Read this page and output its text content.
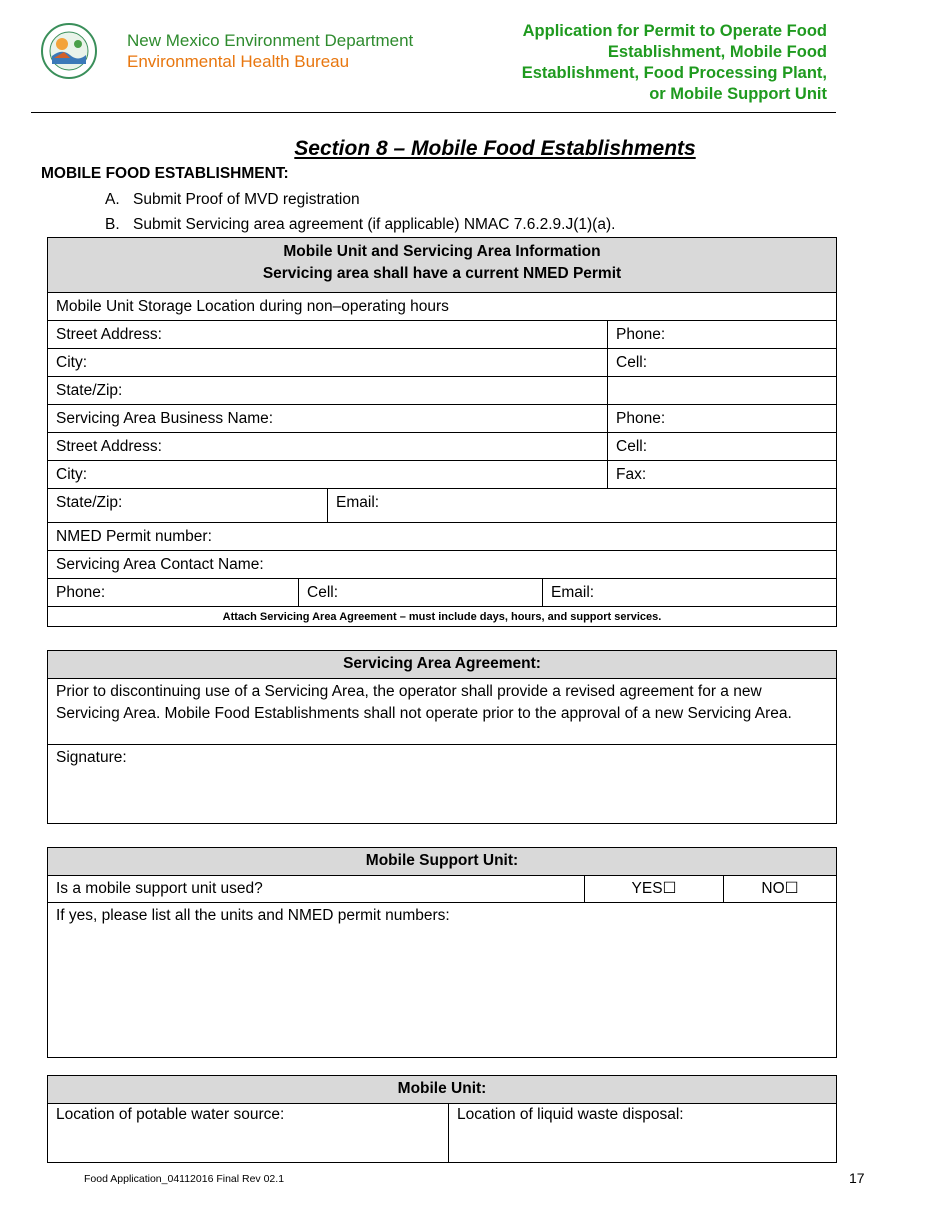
New Mexico Environment Department
Environmental Health Bureau
Application for Permit to Operate Food
Establishment, Mobile Food
Establishment, Food Processing Plant,
or Mobile Support Unit
Section 8 – Mobile Food Establishments
MOBILE FOOD ESTABLISHMENT:
A. Submit Proof of MVD registration
B. Submit Servicing area agreement (if applicable) NMAC 7.6.2.9.J(1)(a).
Mobile Unit and Servicing Area Information
Servicing area shall have a current NMED Permit
Mobile Unit Storage Location during non–operating hours
Street Address:	Phone:
City:	Cell:
State/Zip:
Servicing Area Business Name:	Phone:
Street Address:	Cell:
City:	Fax:
State/Zip:	Email:
NMED Permit number:
Servicing Area Contact Name:
Phone:	Cell:	Email:
Attach Servicing Area Agreement – must include days, hours, and support services.
Servicing Area Agreement:
Prior to discontinuing use of a Servicing Area, the operator shall provide a revised agreement for a new Servicing Area. Mobile Food Establishments shall not operate prior to the approval of a new Servicing Area.
Signature:
Mobile Support Unit:
Is a mobile support unit used?	YES☐	NO☐
If yes, please list all the units and NMED permit numbers:
Mobile Unit:
Location of potable water source:	Location of liquid waste disposal:
Food Application_04112016 Final Rev 02.1	17
